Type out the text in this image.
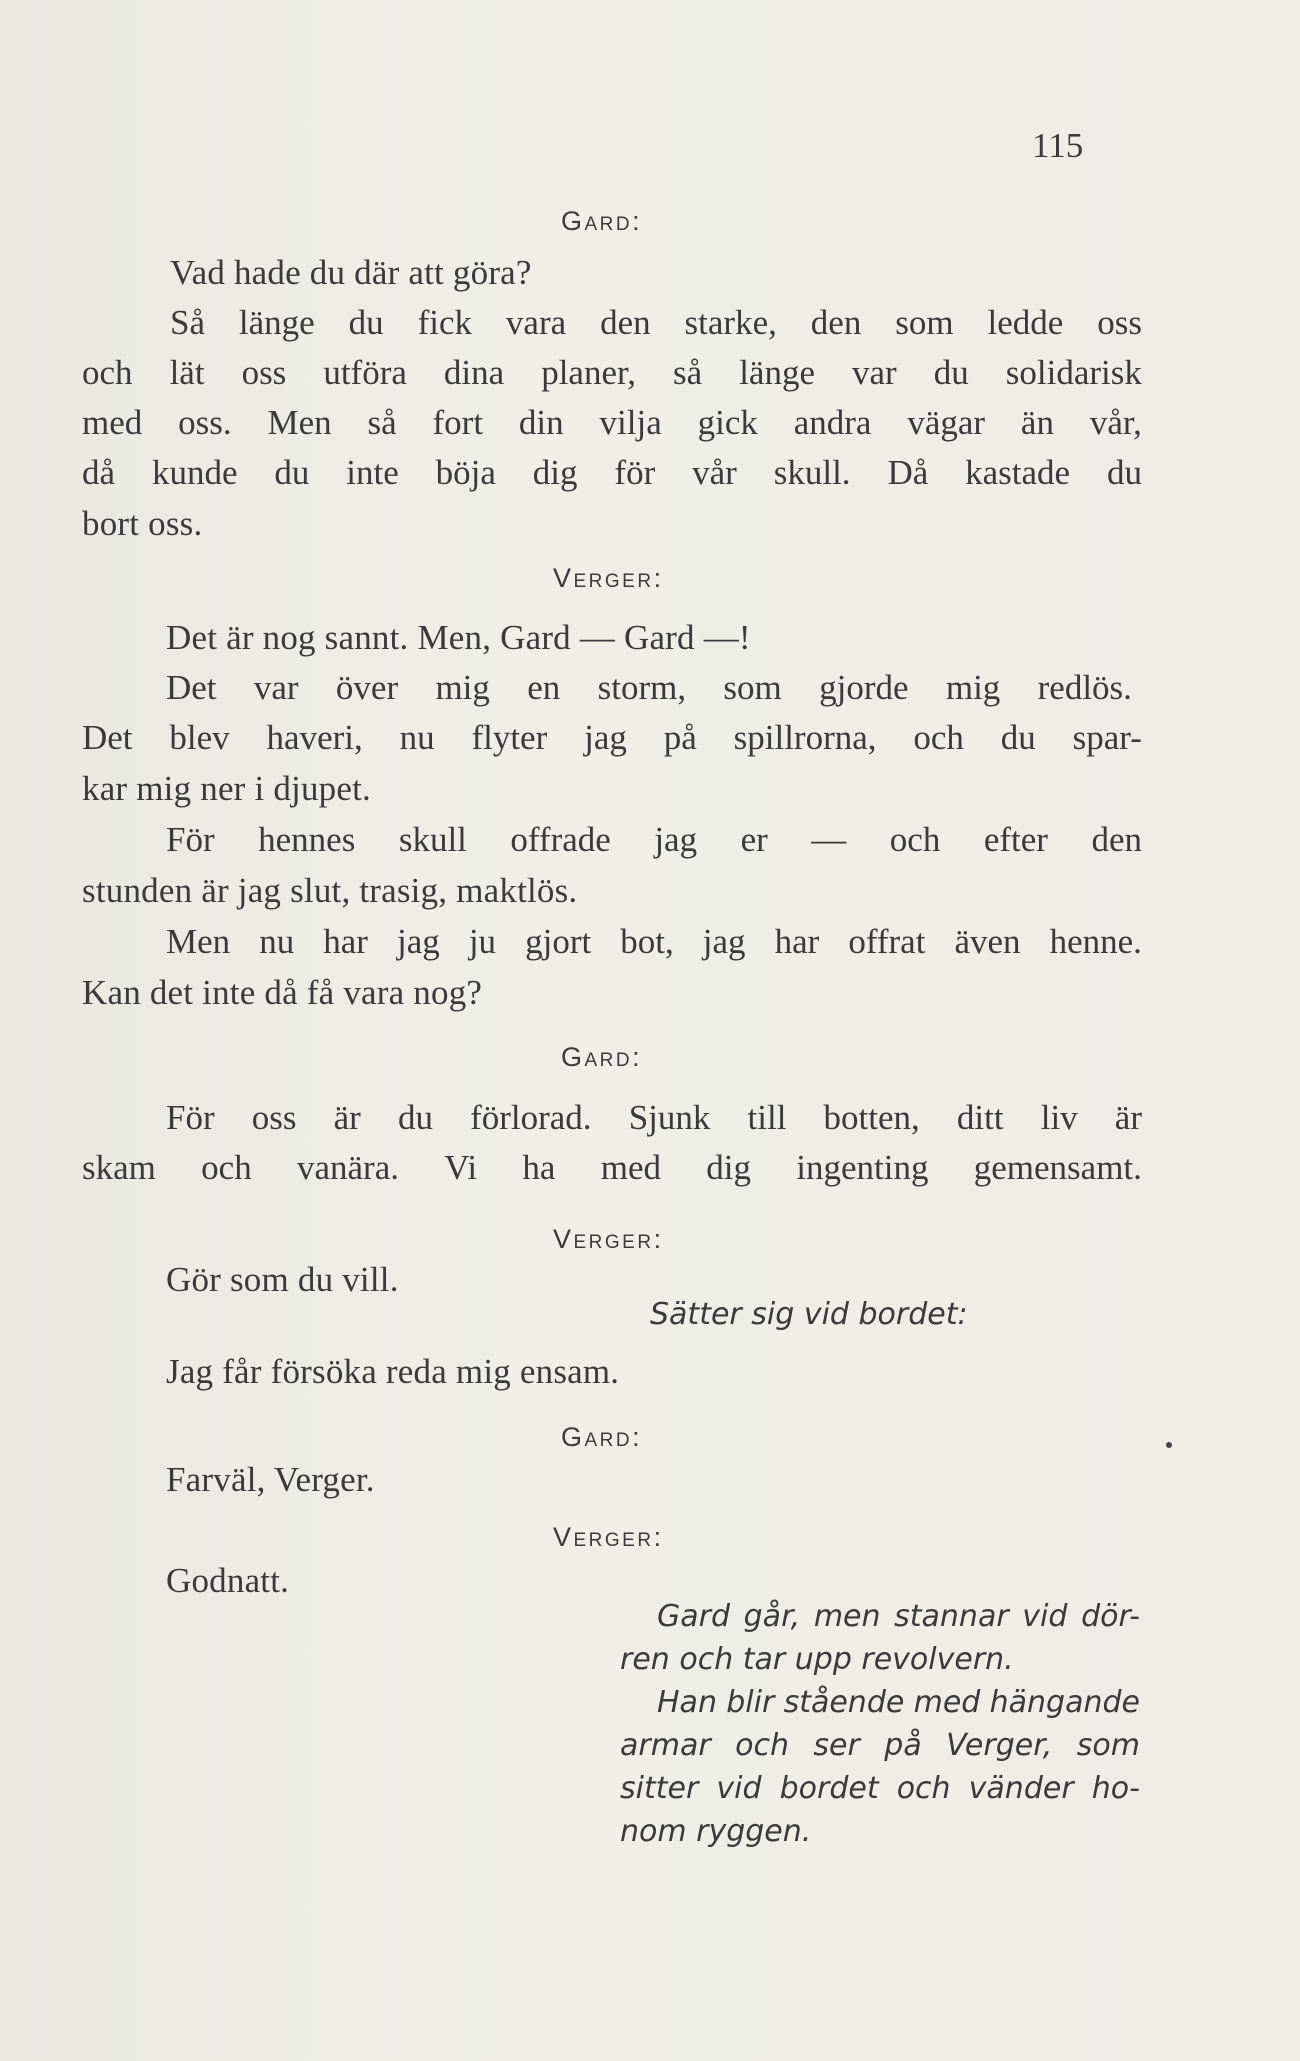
115
Gard:
Vad hade du där att göra?
Så länge du fick vara den starke, den som ledde oss
och lät oss utföra dina planer, så länge var du solidarisk
med oss. Men så fort din vilja gick andra vägar än vår,
då kunde du inte böja dig för vår skull. Då kastade du
bort oss.
Verger:
Det är nog sannt. Men, Gard — Gard —!
Det var över mig en storm, som gjorde mig redlös.
Det blev haveri, nu flyter jag på spillrorna, och du spar-
kar mig ner i djupet.
För hennes skull offrade jag er — och efter den
stunden är jag slut, trasig, maktlös.
Men nu har jag ju gjort bot, jag har offrat även henne.
Kan det inte då få vara nog?
Gard:
För oss är du förlorad. Sjunk till botten, ditt liv är
skam och vanära. Vi ha med dig ingenting gemensamt.
Verger:
Gör som du vill.
Sätter sig vid bordet:
Jag får försöka reda mig ensam.
Gard:
Farväl, Verger.
Verger:
Godnatt.
Gard går, men stannar vid dör-
ren och tar upp revolvern.
Han blir stående med hängande
armar och ser på Verger, som
sitter vid bordet och vänder ho-
nom ryggen.
